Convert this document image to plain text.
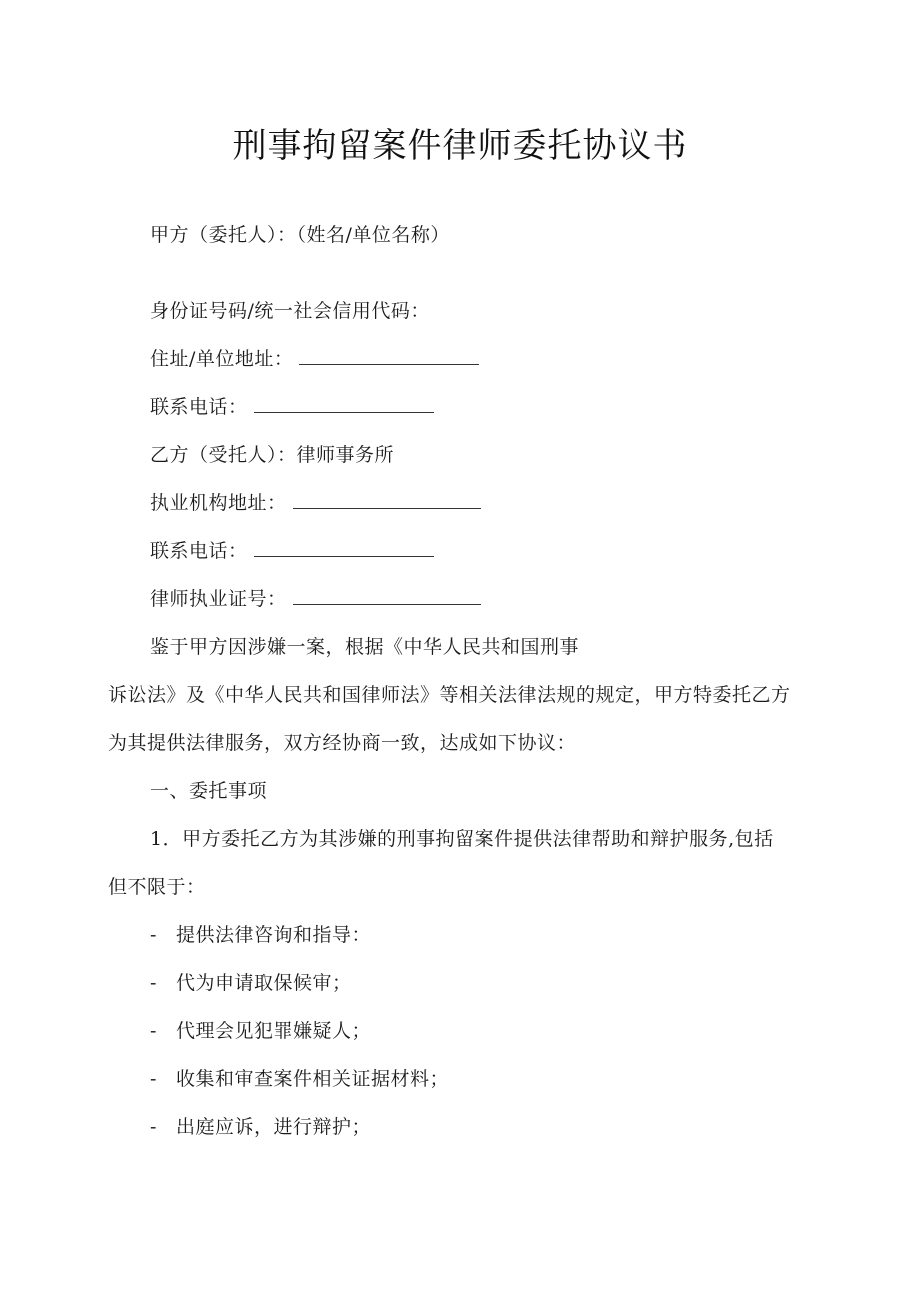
刑事拘留案件律师委托协议书
甲方（委托人）：（姓名/单位名称）
身份证号码/统一社会信用代码：
住址/单位地址：
联系电话：
乙方（受托人）：律师事务所
执业机构地址：
联系电话：
律师执业证号：
鉴于甲方因涉嫌一案，根据《中华人民共和国刑事
诉讼法》及《中华人民共和国律师法》等相关法律法规的规定，甲方特委托乙方
为其提供法律服务，双方经协商一致，达成如下协议：
一、委托事项
1．甲方委托乙方为其涉嫌的刑事拘留案件提供法律帮助和辩护服务,包括
但不限于：
- 提供法律咨询和指导：
- 代为申请取保候审；
- 代理会见犯罪嫌疑人；
- 收集和审查案件相关证据材料；
- 出庭应诉，进行辩护；
